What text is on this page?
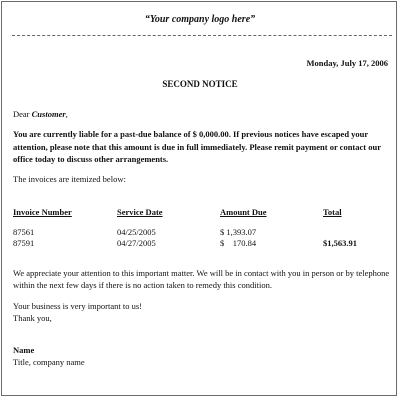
“Your company logo here”
Monday, July 17, 2006
SECOND NOTICE
Dear Customer,
You are currently liable for a past-due balance of $ 0,000.00. If previous notices have escaped your attention, please note that this amount is due in full immediately. Please remit payment or contact our office today to discuss other arrangements.
The invoices are itemized below:
Invoice Number	Service Date	Amount Due	Total
87561	04/25/2005	$ 1,393.07
87591	04/27/2005	$    170.84	$1,563.91
We appreciate your attention to this important matter. We will be in contact with you in person or by telephone within the next few days if there is no action taken to remedy this condition.
Your business is very important to us!
Thank you,
Name
Title, company name
